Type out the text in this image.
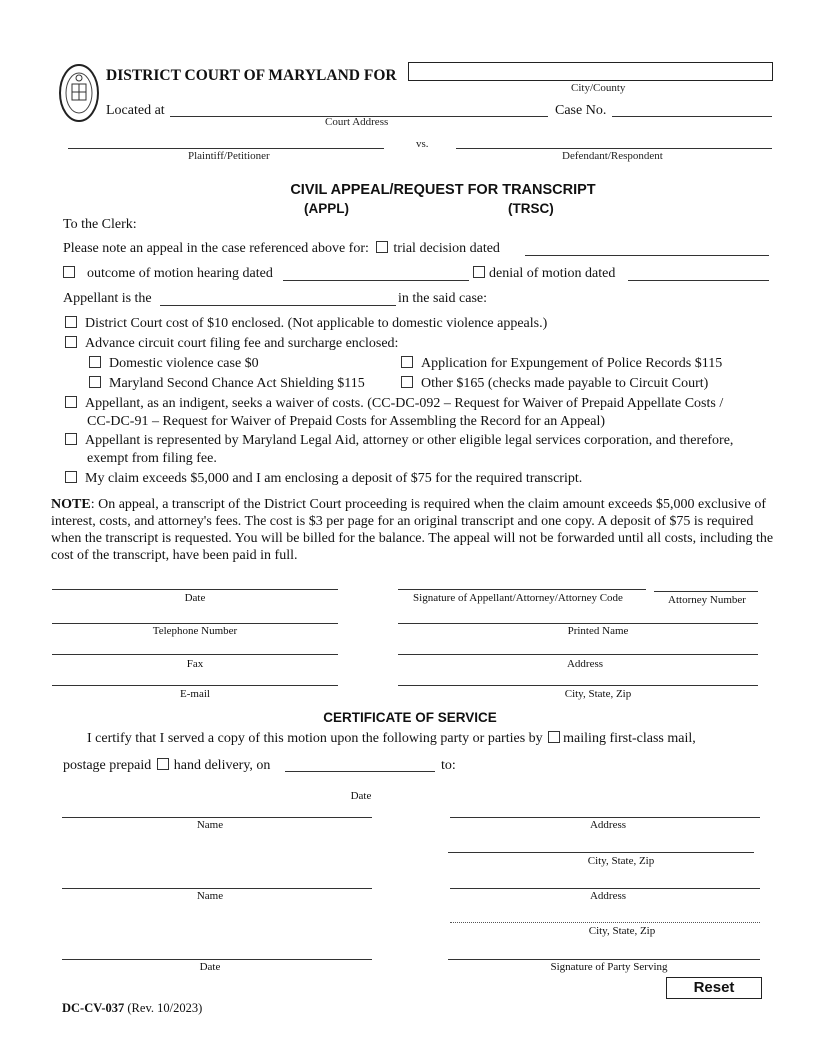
DISTRICT COURT OF MARYLAND FOR
City/County
Located at
Court Address
Case No.
vs.
Plaintiff/Petitioner	Defendant/Respondent
CIVIL APPEAL/REQUEST FOR TRANSCRIPT
(APPL)	(TRSC)
To the Clerk:
Please note an appeal in the case referenced above for: trial decision dated
outcome of motion hearing dated	denial of motion dated
Appellant is the	in the said case:
District Court cost of $10 enclosed. (Not applicable to domestic violence appeals.)
Advance circuit court filing fee and surcharge enclosed:
Domestic violence case $0	Application for Expungement of Police Records $115
Maryland Second Chance Act Shielding $115	Other $165 (checks made payable to Circuit Court)
Appellant, as an indigent, seeks a waiver of costs. (CC-DC-092 – Request for Waiver of Prepaid Appellate Costs /
CC-DC-91 – Request for Waiver of Prepaid Costs for Assembling the Record for an Appeal)
Appellant is represented by Maryland Legal Aid, attorney or other eligible legal services corporation, and therefore,
exempt from filing fee.
My claim exceeds $5,000 and I am enclosing a deposit of $75 for the required transcript.
NOTE: On appeal, a transcript of the District Court proceeding is required when the claim amount exceeds $5,000 exclusive of interest, costs, and attorney's fees. The cost is $3 per page for an original transcript and one copy. A deposit of $75 is required when the transcript is requested. You will be billed for the balance. The appeal will not be forwarded until all costs, including the cost of the transcript, have been paid in full.
Date	Signature of Appellant/Attorney/Attorney Code	Attorney Number
Telephone Number	Printed Name
Fax	Address
E-mail	City, State, Zip
CERTIFICATE OF SERVICE
I certify that I served a copy of this motion upon the following party or parties by mailing first-class mail,
postage prepaid hand delivery, on	to:
Date
Name	Address
City, State, Zip
Name	Address
City, State, Zip
Date	Signature of Party Serving
Reset
DC-CV-037 (Rev. 10/2023)
